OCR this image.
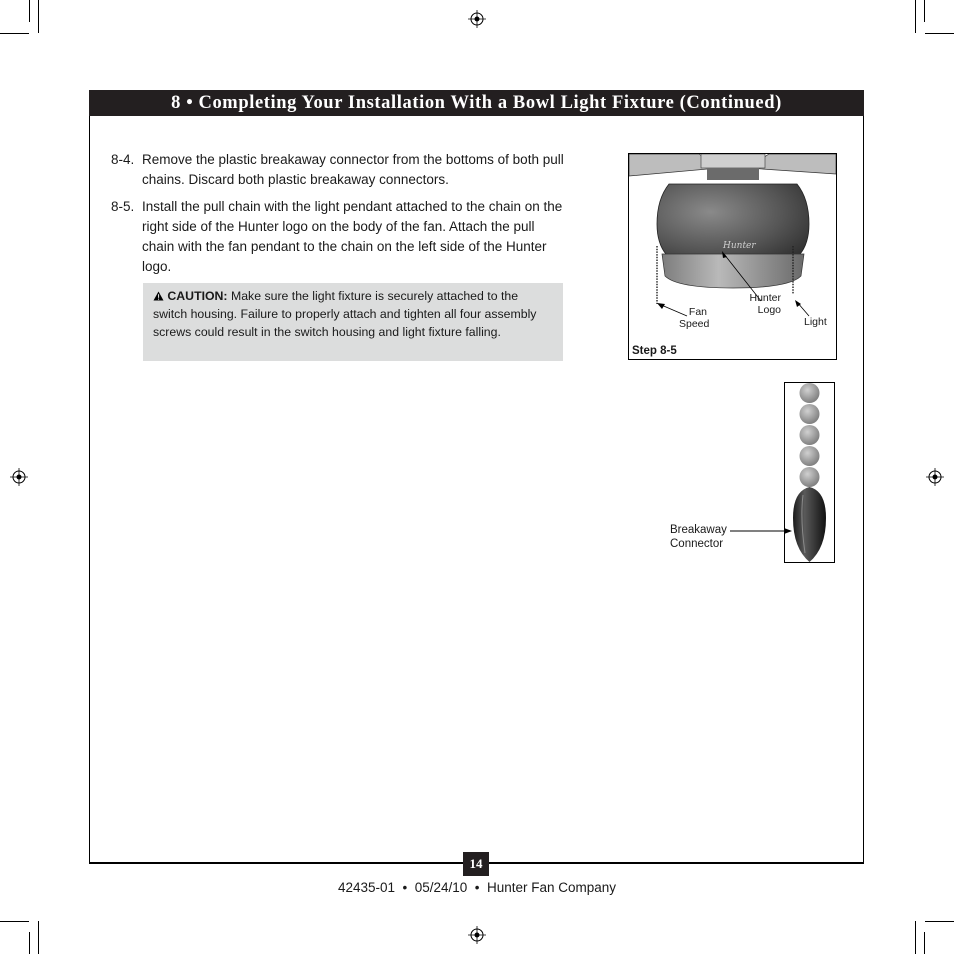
8 • Completing Your Installation With a Bowl Light Fixture (Continued)
8-4. Remove the plastic breakaway connector from the bottoms of both pull chains. Discard both plastic breakaway connectors.
8-5. Install the pull chain with the light pendant attached to the chain on the right side of the Hunter logo on the body of the fan. Attach the pull chain with the fan pendant to the chain on the left side of the Hunter logo.
CAUTION: Make sure the light fixture is securely attached to the switch housing. Failure to properly attach and tighten all four assembly screws could result in the switch housing and light fixture falling.
Hunter
Fan
Speed
Hunter
Logo
Light
Step 8-5
Breakaway
Connector
14
42435-01  •  05/24/10  •  Hunter Fan Company
